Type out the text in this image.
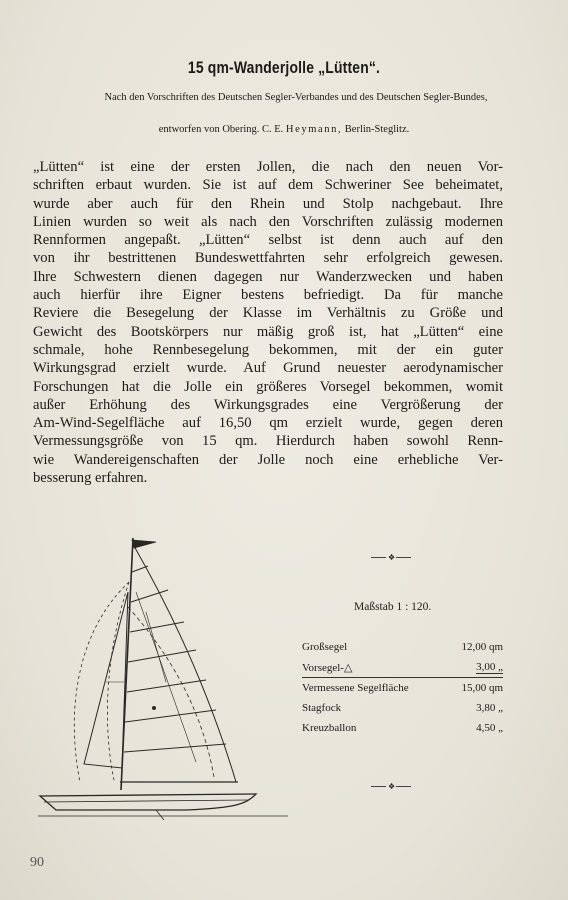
15 qm-Wanderjolle „Lütten“.
Nach den Vorschriften des Deutschen Segler-Verbandes und des Deutschen Segler-Bundes,
entworfen von Obering. C. E. Heymann, Berlin-Steglitz.
„Lütten“ ist eine der ersten Jollen, die nach den neuen Vor-
schriften erbaut wurden. Sie ist auf dem Schweriner See beheimatet,
wurde aber auch für den Rhein und Stolp nachgebaut. Ihre
Linien wurden so weit als nach den Vorschriften zulässig modernen
Rennformen angepaßt. „Lütten“ selbst ist denn auch auf den
von ihr bestrittenen Bundeswettfahrten sehr erfolgreich gewesen.
Ihre Schwestern dienen dagegen nur Wanderzwecken und haben
auch hierfür ihre Eigner bestens befriedigt. Da für manche
Reviere die Besegelung der Klasse im Verhältnis zu Größe und
Gewicht des Bootskörpers nur mäßig groß ist, hat „Lütten“ eine
schmale, hohe Rennbesegelung bekommen, mit der ein guter
Wirkungsgrad erzielt wurde. Auf Grund neuester aerodynamischer
Forschungen hat die Jolle ein größeres Vorsegel bekommen, womit
außer Erhöhung des Wirkungsgrades eine Vergrößerung der
Am-Wind-Segelfläche auf 16,50 qm erzielt wurde, gegen deren
Vermessungsgröße von 15 qm. Hierdurch haben sowohl Renn-
wie Wandereigenschaften der Jolle noch eine erhebliche Ver-
besserung erfahren.
❖
Maßstab 1 : 120.
Großsegel	12,00 qm
Vorsegel-△	3,00 „
Vermessene Segelfläche	15,00 qm
Stagfock	3,80 „
Kreuzballon	4,50 „
❖
90
